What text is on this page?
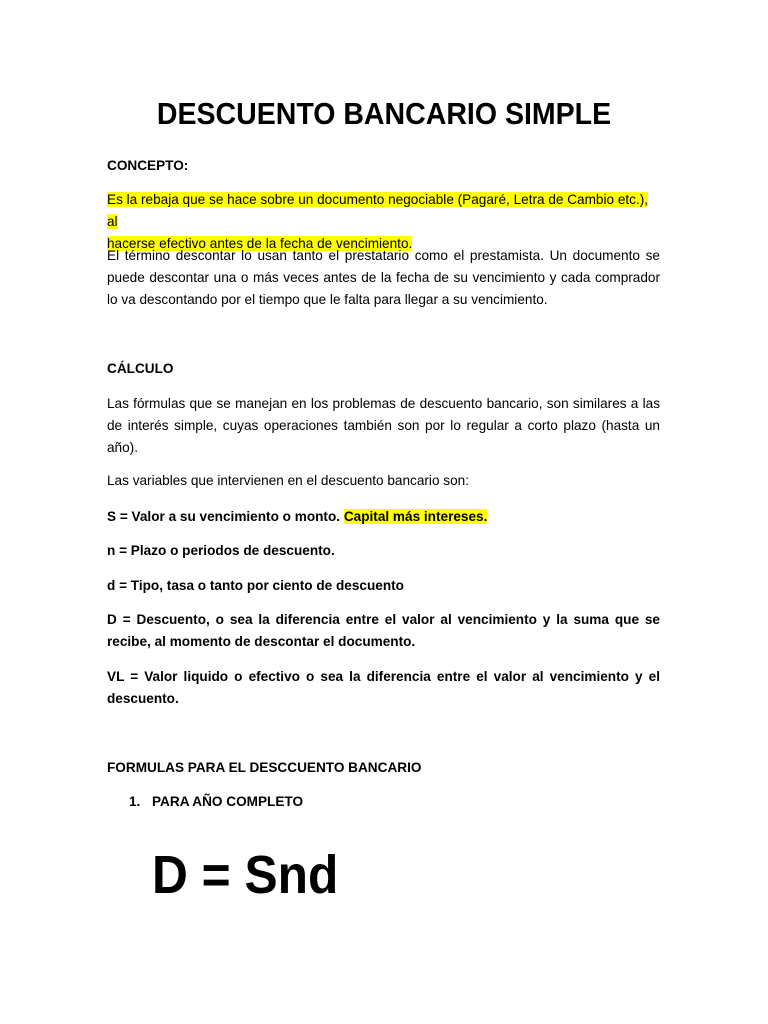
DESCUENTO BANCARIO SIMPLE
CONCEPTO:
Es la rebaja que se hace sobre un documento negociable (Pagaré, Letra de Cambio etc.), al
hacerse efectivo antes de la fecha de vencimiento.
El término descontar lo usan tanto el prestatario como el prestamista. Un documento se puede descontar una o más veces antes de la fecha de su vencimiento y cada comprador lo va descontando por el tiempo que le falta para llegar a su vencimiento.
CÁLCULO
Las fórmulas que se manejan en los problemas de descuento bancario, son similares a las de interés simple, cuyas operaciones también son por lo regular a corto plazo (hasta un año).
Las variables que intervienen en el descuento bancario son:
S = Valor a su vencimiento o monto. Capital más intereses.
n = Plazo o periodos de descuento.
d = Tipo, tasa o tanto por ciento de descuento
D = Descuento, o sea la diferencia entre el valor al vencimiento y la suma que se recibe, al momento de descontar el documento.
VL = Valor liquido o efectivo o sea la diferencia entre el valor al vencimiento y el descuento.
FORMULAS PARA EL DESCCUENTO BANCARIO
1. PARA AÑO COMPLETO
D = Snd
